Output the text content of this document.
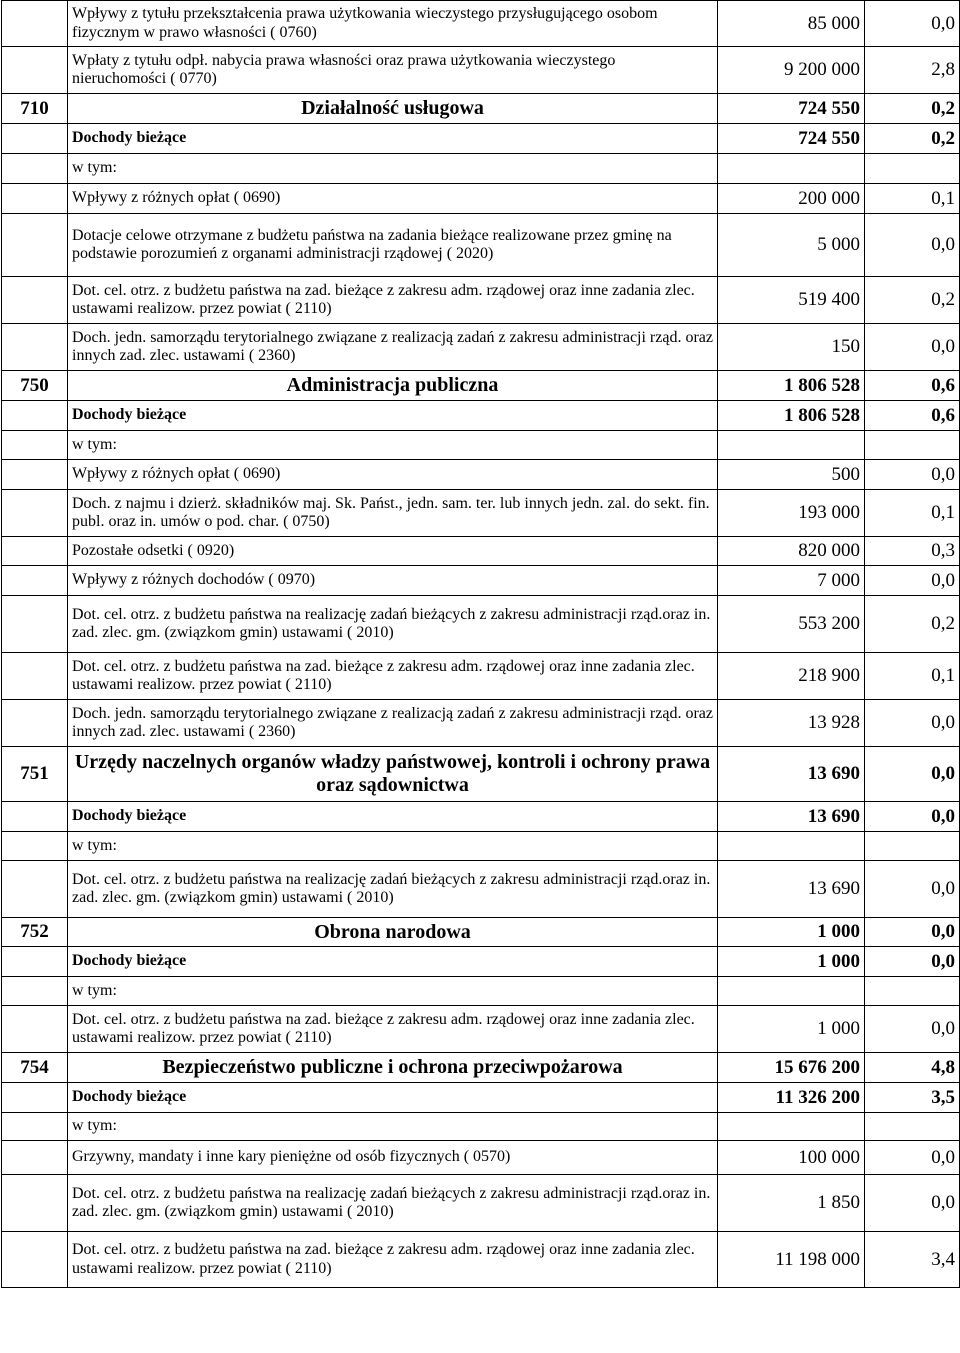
	Wpływy z tytułu przekształcenia prawa użytkowania wieczystego przysługującego osobom fizycznym w prawo własności ( 0760)	85 000	0,0
	Wpłaty z tytułu odpł. nabycia prawa własności oraz prawa użytkowania wieczystego nieruchomości ( 0770)	9 200 000	2,8
710	Działalność usługowa	724 550	0,2
	Dochody bieżące	724 550	0,2
	w tym:		
	Wpływy z różnych opłat ( 0690)	200 000	0,1
	Dotacje celowe otrzymane z budżetu państwa na zadania bieżące realizowane przez gminę na podstawie porozumień z organami administracji rządowej ( 2020)	5 000	0,0
	Dot. cel. otrz. z budżetu państwa na zad. bieżące z zakresu adm. rządowej oraz inne zadania zlec. ustawami realizow. przez powiat ( 2110)	519 400	0,2
	Doch. jedn. samorządu terytorialnego związane z realizacją zadań z zakresu administracji rząd. oraz innych zad. zlec. ustawami ( 2360)	150	0,0
750	Administracja publiczna	1 806 528	0,6
	Dochody bieżące	1 806 528	0,6
	w tym:		
	Wpływy z różnych opłat ( 0690)	500	0,0
	Doch. z najmu i dzierż. składników maj. Sk. Państ., jedn. sam. ter. lub innych jedn. zal. do sekt. fin. publ. oraz in. umów o pod. char. ( 0750)	193 000	0,1
	Pozostałe odsetki ( 0920)	820 000	0,3
	Wpływy z różnych dochodów ( 0970)	7 000	0,0
	Dot. cel. otrz. z budżetu państwa na realizację zadań bieżących z zakresu administracji rząd.oraz in. zad. zlec. gm. (związkom gmin) ustawami ( 2010)	553 200	0,2
	Dot. cel. otrz. z budżetu państwa na zad. bieżące z zakresu adm. rządowej oraz inne zadania zlec. ustawami realizow. przez powiat ( 2110)	218 900	0,1
	Doch. jedn. samorządu terytorialnego związane z realizacją zadań z zakresu administracji rząd. oraz innych zad. zlec. ustawami ( 2360)	13 928	0,0
751	Urzędy naczelnych organów władzy państwowej, kontroli i ochrony prawa oraz sądownictwa	13 690	0,0
	Dochody bieżące	13 690	0,0
	w tym:		
	Dot. cel. otrz. z budżetu państwa na realizację zadań bieżących z zakresu administracji rząd.oraz in. zad. zlec. gm. (związkom gmin) ustawami ( 2010)	13 690	0,0
752	Obrona narodowa	1 000	0,0
	Dochody bieżące	1 000	0,0
	w tym:		
	Dot. cel. otrz. z budżetu państwa na zad. bieżące z zakresu adm. rządowej oraz inne zadania zlec. ustawami realizow. przez powiat ( 2110)	1 000	0,0
754	Bezpieczeństwo publiczne i ochrona przeciwpożarowa	15 676 200	4,8
	Dochody bieżące	11 326 200	3,5
	w tym:		
	Grzywny, mandaty i inne kary pieniężne od osób fizycznych ( 0570)	100 000	0,0
	Dot. cel. otrz. z budżetu państwa na realizację zadań bieżących z zakresu administracji rząd.oraz in. zad. zlec. gm. (związkom gmin) ustawami ( 2010)	1 850	0,0
	Dot. cel. otrz. z budżetu państwa na zad. bieżące z zakresu adm. rządowej oraz inne zadania zlec. ustawami realizow. przez powiat ( 2110)	11 198 000	3,4
